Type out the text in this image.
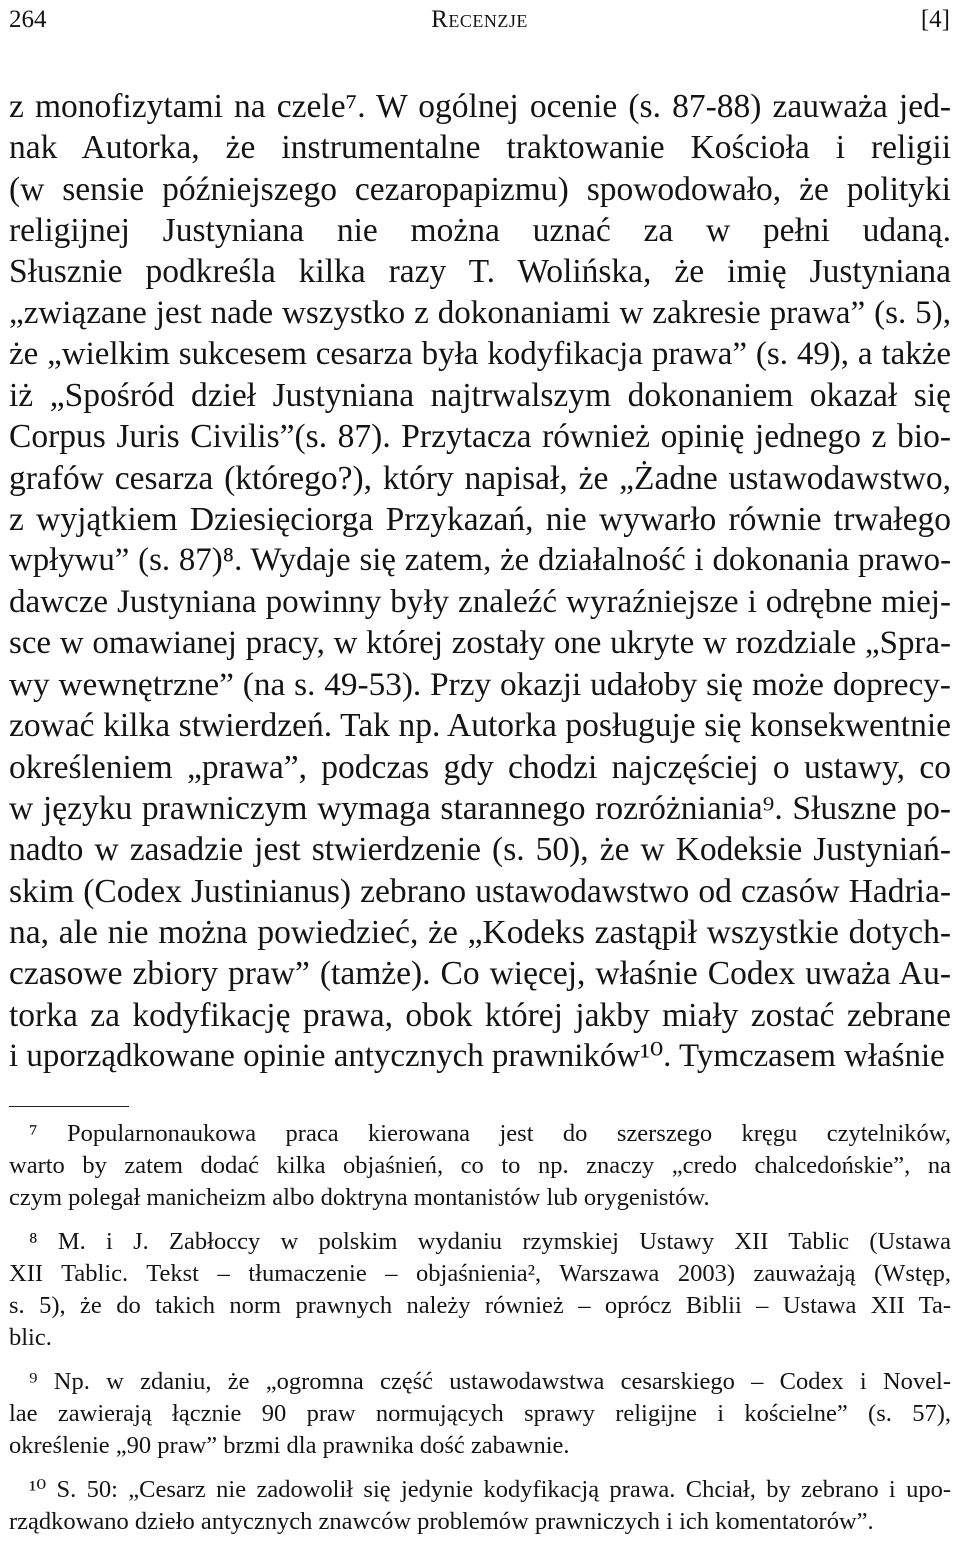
264	Recenzje	[4]
z monofizytami na czele⁷. W ogólnej ocenie (s. 87-88) zauważa jed-
nak Autorka, że instrumentalne traktowanie Kościoła i religii
(w sensie późniejszego cezaropapizmu) spowodowało, że polityki
religijnej Justyniana nie można uznać za w pełni udaną.
Słusznie podkreśla kilka razy T. Wolińska, że imię Justyniana
„związane jest nade wszystko z dokonaniami w zakresie prawa” (s. 5),
że „wielkim sukcesem cesarza była kodyfikacja prawa” (s. 49), a także
iż „Spośród dzieł Justyniana najtrwalszym dokonaniem okazał się
Corpus Juris Civilis”(s. 87). Przytacza również opinię jednego z bio-
grafów cesarza (którego?), który napisał, że „Żadne ustawodawstwo,
z wyjątkiem Dziesięciorga Przykazań, nie wywarło równie trwałego
wpływu” (s. 87)⁸. Wydaje się zatem, że działalność i dokonania prawo-
dawcze Justyniana powinny były znaleźć wyraźniejsze i odrębne miej-
sce w omawianej pracy, w której zostały one ukryte w rozdziale „Spra-
wy wewnętrzne” (na s. 49-53). Przy okazji udałoby się może doprecy-
zować kilka stwierdzeń. Tak np. Autorka posługuje się konsekwentnie
określeniem „prawa”, podczas gdy chodzi najczęściej o ustawy, co
w języku prawniczym wymaga starannego rozróżniania⁹. Słuszne po-
nadto w zasadzie jest stwierdzenie (s. 50), że w Kodeksie Justyniań-
skim (Codex Justinianus) zebrano ustawodawstwo od czasów Hadria-
na, ale nie można powiedzieć, że „Kodeks zastąpił wszystkie dotych-
czasowe zbiory praw” (tamże). Co więcej, właśnie Codex uważa Au-
torka za kodyfikację prawa, obok której jakby miały zostać zebrane
i uporządkowane opinie antycznych prawników¹⁰. Tymczasem właśnie
⁷ Popularnonaukowa praca kierowana jest do szerszego kręgu czytelników,
warto by zatem dodać kilka objaśnień, co to np. znaczy „credo chalcedońskie”, na
czym polegał manicheizm albo doktryna montanistów lub orygenistów.
⁸ M. i J. Zabłoccy w polskim wydaniu rzymskiej Ustawy XII Tablic (Ustawa
XII Tablic. Tekst – tłumaczenie – objaśnienia², Warszawa 2003) zauważają (Wstęp,
s. 5), że do takich norm prawnych należy również – oprócz Biblii – Ustawa XII Ta-
blic.
⁹ Np. w zdaniu, że „ogromna część ustawodawstwa cesarskiego – Codex i Novel-
lae zawierają łącznie 90 praw normujących sprawy religijne i kościelne” (s. 57),
określenie „90 praw” brzmi dla prawnika dość zabawnie.
¹⁰ S. 50: „Cesarz nie zadowolił się jedynie kodyfikacją prawa. Chciał, by zebrano i upo-
rządkowano dzieło antycznych znawców problemów prawniczych i ich komentatorów”.
